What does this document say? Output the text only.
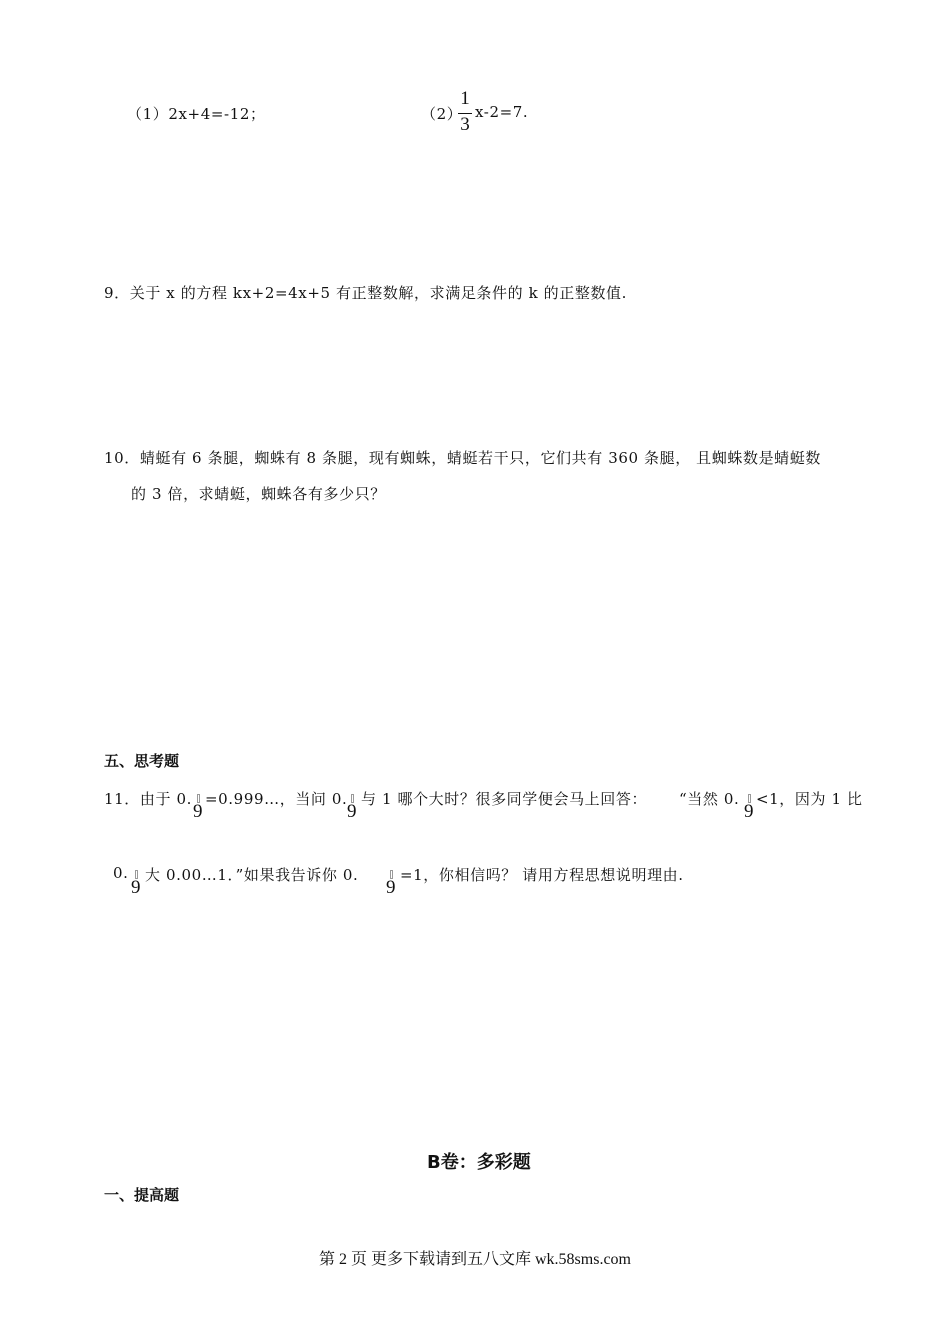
（1）2x+4=-12；	（2）
1
3
x-2=7.
9．关于 x 的方程 kx+2=4x+5 有正整数解，求满足条件的 k 的正整数值.
10．蜻蜓有 6 条腿，蜘蛛有 8 条腿，现有蜘蛛，蜻蜓若干只，它们共有 360 条腿， 且蜘蛛数是蜻蜓数
的 3 倍，求蜻蜓，蜘蛛各有多少只？
五、思考题
11．由于 0.
9
=0.999…，当问 0.
9
与 1 哪个大时？很多同学便会马上回答： “当然 0.
9
<1，因为 1 比
0.
9
大 0.00…1．”如果我告诉你 0.
9
=1，你相信吗？ 请用方程思想说明理由.
B卷：多彩题
一、提高题
第 2 页 更多下载请到五八文库 wk.58sms.com
